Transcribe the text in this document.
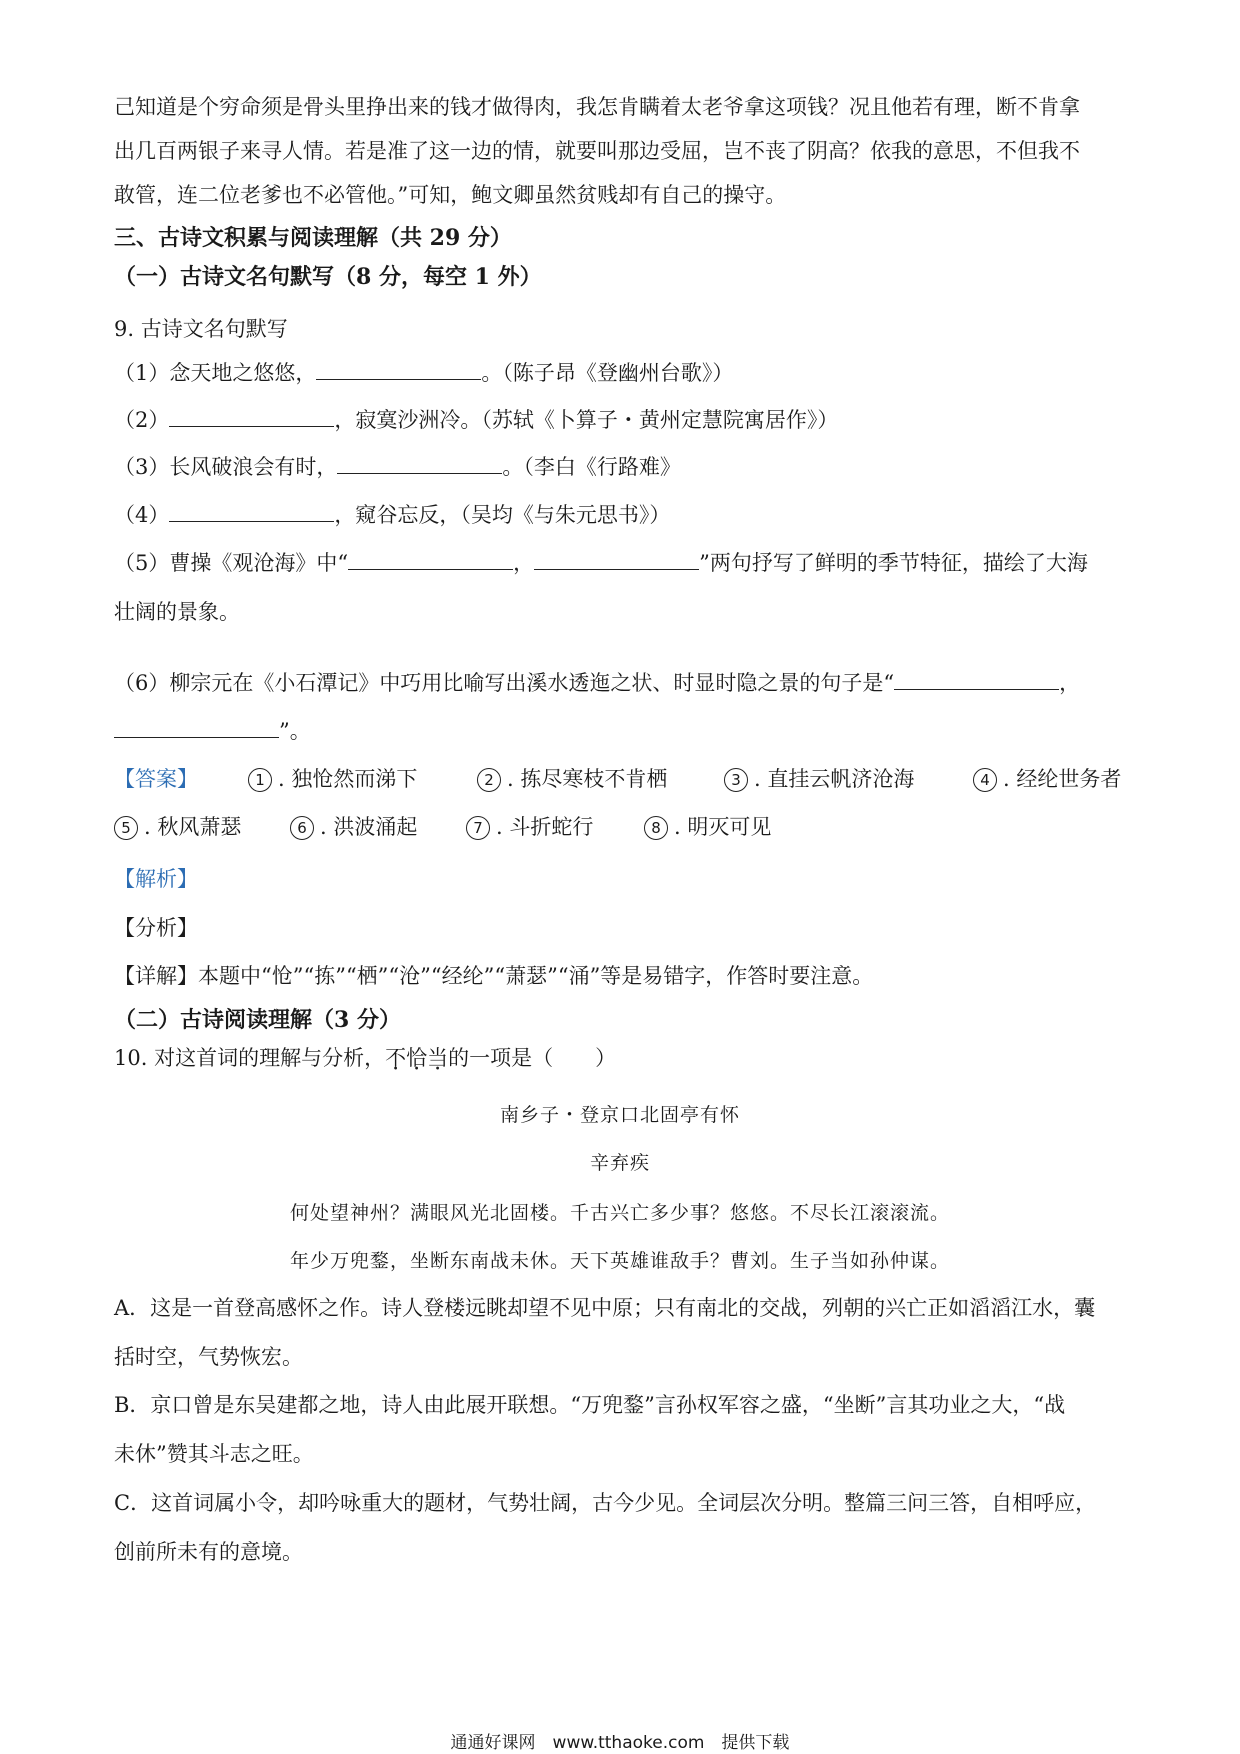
己知道是个穷命须是骨头里挣出来的钱才做得肉，我怎肯瞒着太老爷拿这项钱？况且他若有理，断不肯拿
出几百两银子来寻人情。若是准了这一边的情，就要叫那边受屈，岂不丧了阴高？依我的意思，不但我不
敢管，连二位老爹也不必管他。”可知，鲍文卿虽然贫贱却有自己的操守。
三、古诗文积累与阅读理解（共 29 分）
（一）古诗文名句默写（8 分，每空 1 外）
9. 古诗文名句默写
（1）念天地之悠悠，	。（陈子昂《登幽州台歌》）
（2）	，寂寞沙洲冷。（苏轼《卜算子・黄州定慧院寓居作》）
（3）长风破浪会有时，	。（李白《行路难》
（4）	，窥谷忘反，（吴均《与朱元思书》）
（5）曹操《观沧海》中“	，	”两句抒写了鲜明的季节特征，描绘了大海
壮阔的景象。
（6）柳宗元在《小石潭记》中巧用比喻写出溪水透迤之状、时显时隐之景的句子是“	，
”。
【答案】	1 . 独怆然而涕下	2 . 拣尽寒枝不肯栖	3 . 直挂云帆济沧海	4 . 经纶世务者
5 . 秋风萧瑟	6 . 洪波涌起	7 . 斗折蛇行	8 . 明灭可见
【解析】
【分析】
【详解】本题中“怆”“拣”“栖”“沧”“经纶”“萧瑟”“涌”等是易错字，作答时要注意。
（二）古诗阅读理解（3 分）
10. 对这首词的理解与分析，不恰当的一项是（　　）
南乡子・登京口北固亭有怀
辛弃疾
何处望神州？满眼风光北固楼。千古兴亡多少事？悠悠。不尽长江滚滚流。
年少万兜鍪，坐断东南战未休。天下英雄谁敌手？曹刘。生子当如孙仲谋。
A．这是一首登高感怀之作。诗人登楼远眺却望不见中原；只有南北的交战，列朝的兴亡正如滔滔江水，囊
括时空，气势恢宏。
B．京口曾是东吴建都之地，诗人由此展开联想。“万兜鍪”言孙权军容之盛，“坐断”言其功业之大，“战
未休”赞其斗志之旺。
C．这首词属小令，却吟咏重大的题材，气势壮阔，古今少见。全词层次分明。整篇三问三答，自相呼应，
创前所未有的意境。
通通好课网　www.tthaoke.com　提供下载
